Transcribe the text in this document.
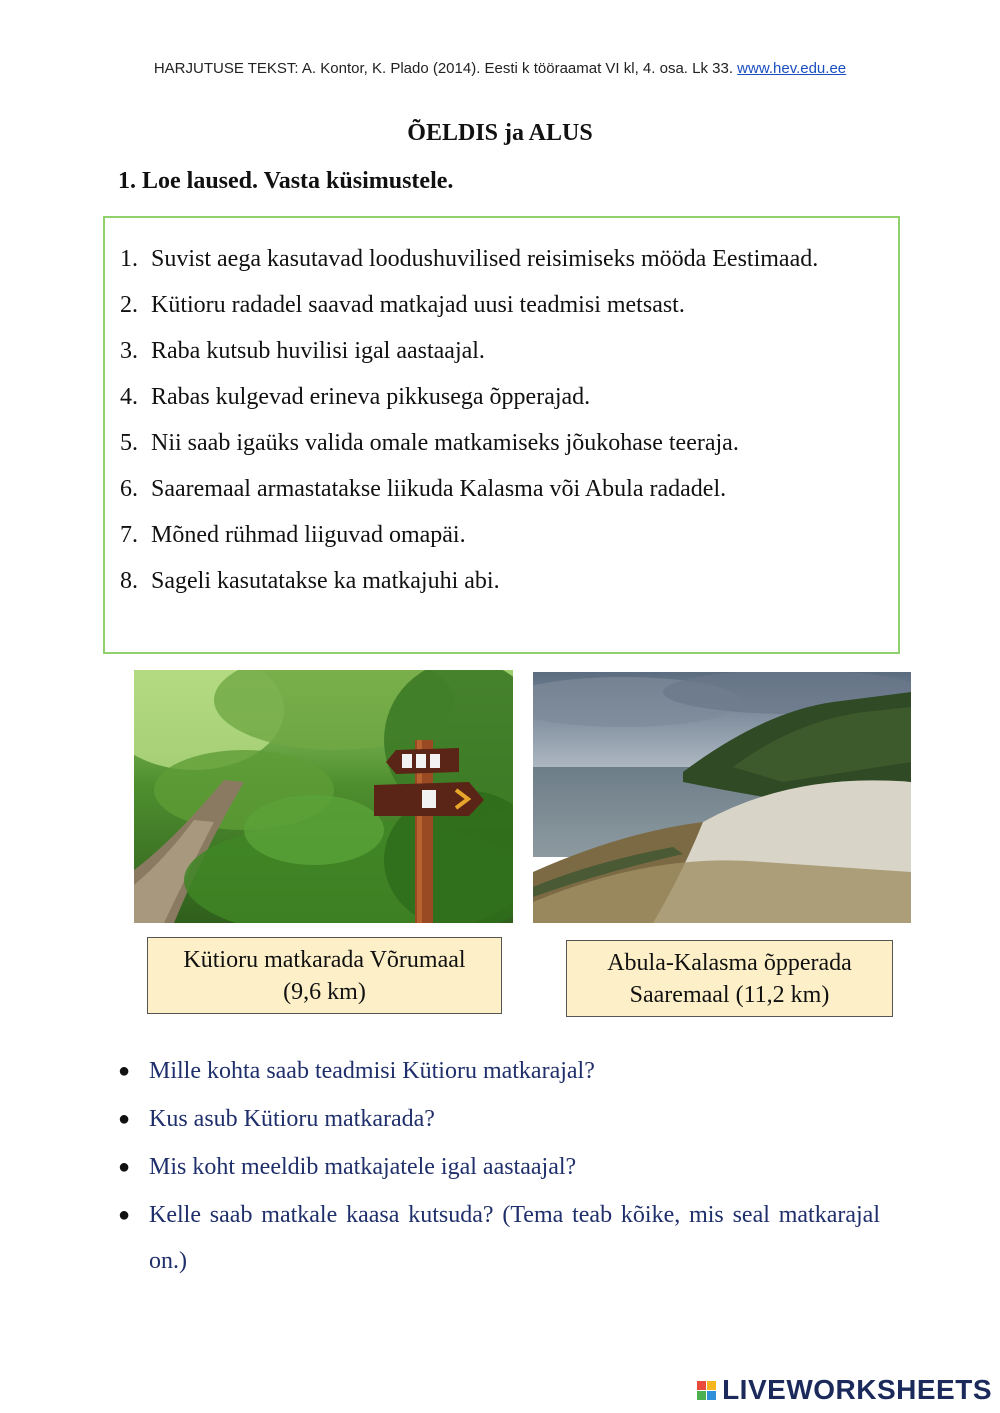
HARJUTUSE TEKST: A. Kontor, K. Plado (2014). Eesti k tööraamat VI kl, 4. osa. Lk 33. www.hev.edu.ee
ÕELDIS ja ALUS
1. Loe laused. Vasta küsimustele.
1. Suvist aega kasutavad loodushuvilised reisimiseks mööda Eestimaad.
2. Kütioru radadel saavad matkajad uusi teadmisi metsast.
3. Raba kutsub huvilisi igal aastaajal.
4. Rabas kulgevad erineva pikkusega õpperajad.
5. Nii saab igaüks valida omale matkamiseks jõukohase teeraja.
6. Saaremaal armastatakse liikuda Kalasma või Abula radadel.
7. Mõned rühmad liiguvad omapäi.
8. Sageli kasutatakse ka matkajuhi abi.
Kütioru matkarada Võrumaal
(9,6 km)
Abula-Kalasma õpperada
Saaremaal (11,2 km)
● Mille kohta saab teadmisi Kütioru matkarajal?
● Kus asub Kütioru matkarada?
● Mis koht meeldib matkajatele igal aastaajal?
● Kelle saab matkale kaasa kutsuda? (Tema teab kõike, mis seal matkarajal on.)
LIVEWORKSHEETS
